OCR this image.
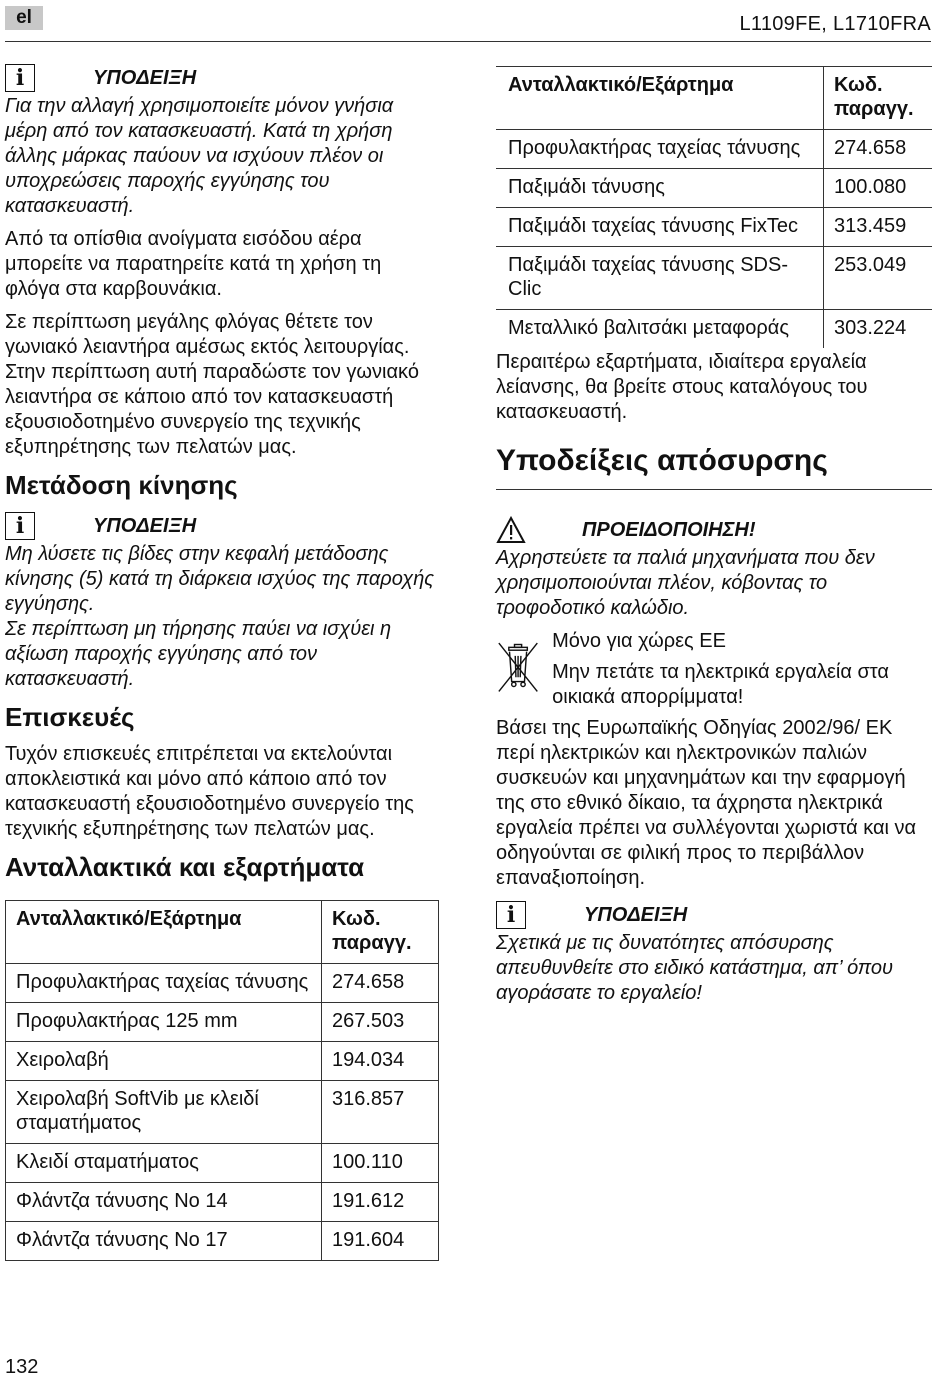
el	L1109FE, L1710FRA
i	ΥΠΟΔΕΙΞΗ

Για την αλλαγή χρησιμοποιείτε μόνον γνήσια μέρη από τον κατασκευαστή. Κατά τη χρήση άλλης μάρκας παύουν να ισχύουν πλέον οι υποχρεώσεις παροχής εγγύησης του κατασκευαστή.

Από τα οπίσθια ανοίγματα εισόδου αέρα μπορείτε να παρατηρείτε κατά τη χρήση τη φλόγα στα καρβουνάκια.

Σε περίπτωση μεγάλης φλόγας θέτετε τον γωνιακό λειαντήρα αμέσως εκτός λειτουργίας. Στην περίπτωση αυτή παραδώστε τον γωνιακό λειαντήρα σε κάποιο από τον κατασκευαστή εξουσιοδοτημένο συνεργείο της τεχνικής εξυπηρέτησης των πελατών μας.

Μετάδοση κίνησης
i	ΥΠΟΔΕΙΞΗ

Μη λύσετε τις βίδες στην κεφαλή μετάδοσης κίνησης (5) κατά τη διάρκεια ισχύος της παροχής εγγύησης.

Σε περίπτωση μη τήρησης παύει να ισχύει η αξίωση παροχής εγγύησης από τον κατασκευαστή.

Επισκευές

Τυχόν επισκευές επιτρέπεται να εκτελούνται αποκλειστικά και μόνο από κάποιο από τον κατασκευαστή εξουσιοδοτημένο συνεργείο της τεχνικής εξυπηρέτησης των πελατών μας.

Ανταλλακτικά και εξαρτήματα
Ανταλλακτικό/Εξάρτημα	Κωδ. παραγγ.
Προφυλακτήρας ταχείας τάνυσης	274.658
Προφυλακτήρας 125 mm	267.503
Χειρολαβή	194.034
Χειρολαβή SoftVib με κλειδί σταματήματος	316.857
Κλειδί σταματήματος	100.110
Φλάντζα τάνυσης Νο 14	191.612
Φλάντζα τάνυσης Νο 17	191.604
Ανταλλακτικό/Εξάρτημα	Κωδ. παραγγ.
Προφυλακτήρας ταχείας τάνυσης	274.658
Παξιμάδι τάνυσης	100.080
Παξιμάδι ταχείας τάνυσης FixTec	313.459
Παξιμάδι ταχείας τάνυσης SDS-Clic	253.049
Μεταλλικό βαλιτσάκι μεταφοράς	303.224

Περαιτέρω εξαρτήματα, ιδιαίτερα εργαλεία λείανσης, θα βρείτε στους καταλόγους του κατασκευαστή.

Υποδείξεις απόσυρσης
ΠΡΟΕΙΔΟΠΟΙΗΣΗ!

Αχρηστεύετε τα παλιά μηχανήματα που δεν χρησιμοποιούνται πλέον, κόβοντας το τροφοδοτικό καλώδιο.

Μόνο για χώρες ΕΕ

Μην πετάτε τα ηλεκτρικά εργαλεία στα οικιακά απορρίμματα!

Βάσει της Ευρωπαϊκής Οδηγίας 2002/96/ ΕΚ περί ηλεκτρικών και ηλεκτρονικών παλιών συσκευών και μηχανημάτων και την εφαρμογή της στο εθνικό δίκαιο, τα άχρηστα ηλεκτρικά εργαλεία πρέπει να συλλέγονται χωριστά και να οδηγούνται σε φιλική προς το περιβάλλον επαναξιοποίηση.

i	ΥΠΟΔΕΙΞΗ

Σχετικά με τις δυνατότητες απόσυρσης απευθυνθείτε στο ειδικό κατάστημα, απ’ όπου αγοράσατε το εργαλείο!

132
